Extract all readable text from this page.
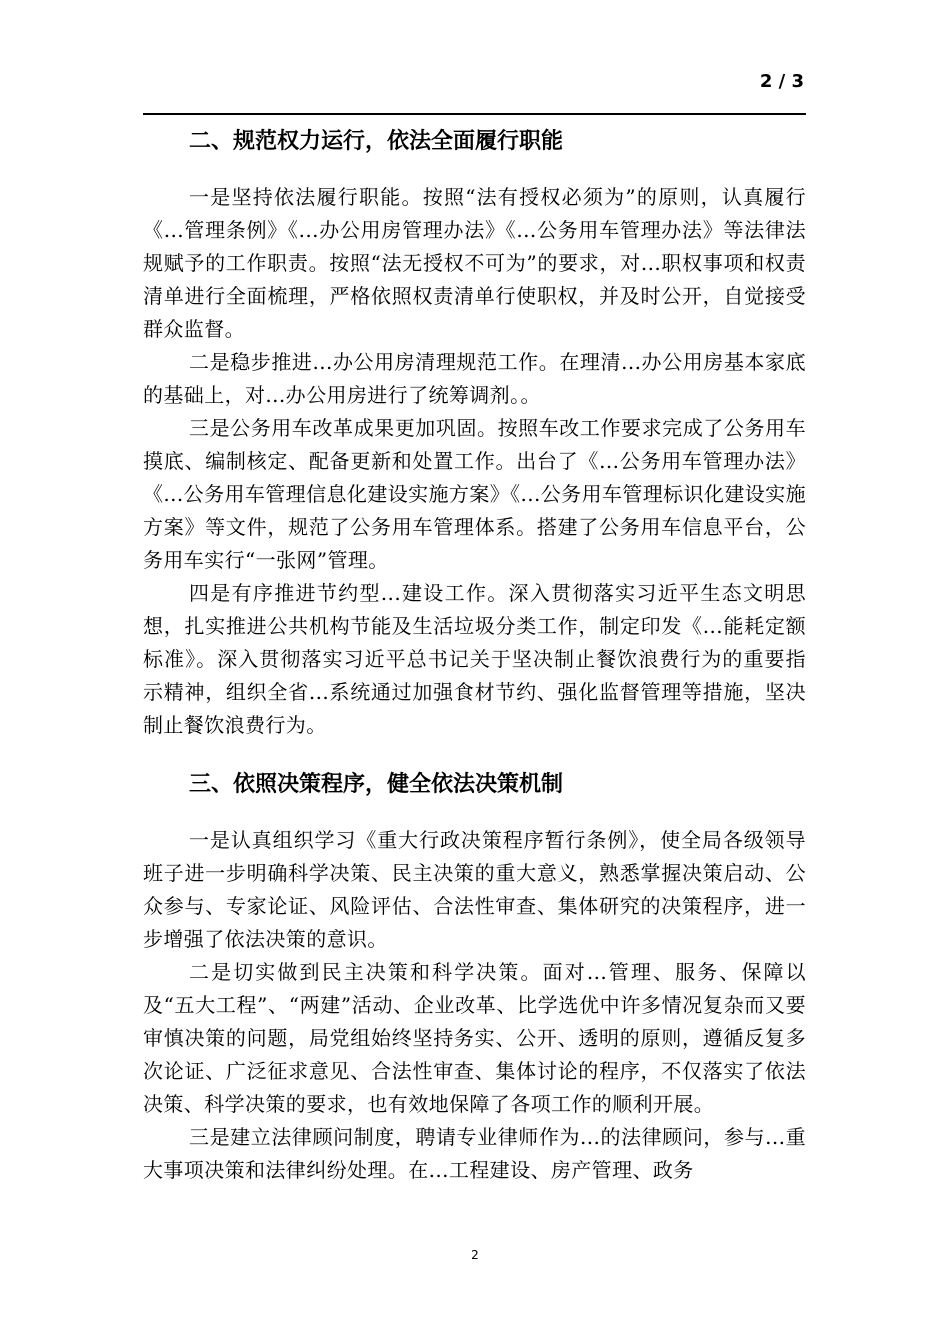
2 / 3
二、规范权力运行，依法全面履行职能

一是坚持依法履行职能。按照“法有授权必须为”的原则，认真履行《...管理条例》《...办公用房管理办法》《...公务用车管理办法》等法律法规赋予的工作职责。按照“法无授权不可为”的要求，对...职权事项和权责清单进行全面梳理，严格依照权责清单行使职权，并及时公开，自觉接受群众监督。

二是稳步推进...办公用房清理规范工作。在理清...办公用房基本家底的基础上，对...办公用房进行了统筹调剂。。

三是公务用车改革成果更加巩固。按照车改工作要求完成了公务用车摸底、编制核定、配备更新和处置工作。出台了《...公务用车管理办法》《...公务用车管理信息化建设实施方案》《...公务用车管理标识化建设实施方案》等文件，规范了公务用车管理体系。搭建了公务用车信息平台，公务用车实行“一张网”管理。

四是有序推进节约型...建设工作。深入贯彻落实习近平生态文明思想，扎实推进公共机构节能及生活垃圾分类工作，制定印发《...能耗定额标准》。深入贯彻落实习近平总书记关于坚决制止餐饮浪费行为的重要指示精神，组织全省...系统通过加强食材节约、强化监督管理等措施，坚决制止餐饮浪费行为。

三、依照决策程序，健全依法决策机制

一是认真组织学习《重大行政决策程序暂行条例》，使全局各级领导班子进一步明确科学决策、民主决策的重大意义，熟悉掌握决策启动、公众参与、专家论证、风险评估、合法性审查、集体研究的决策程序，进一步增强了依法决策的意识。

二是切实做到民主决策和科学决策。面对...管理、服务、保障以及“五大工程”、“两建”活动、企业改革、比学选优中许多情况复杂而又要审慎决策的问题，局党组始终坚持务实、公开、透明的原则，遵循反复多次论证、广泛征求意见、合法性审查、集体讨论的程序，不仅落实了依法决策、科学决策的要求，也有效地保障了各项工作的顺利开展。

三是建立法律顾问制度，聘请专业律师作为...的法律顾问，参与...重大事项决策和法律纠纷处理。在...工程建设、房产管理、政务

2
